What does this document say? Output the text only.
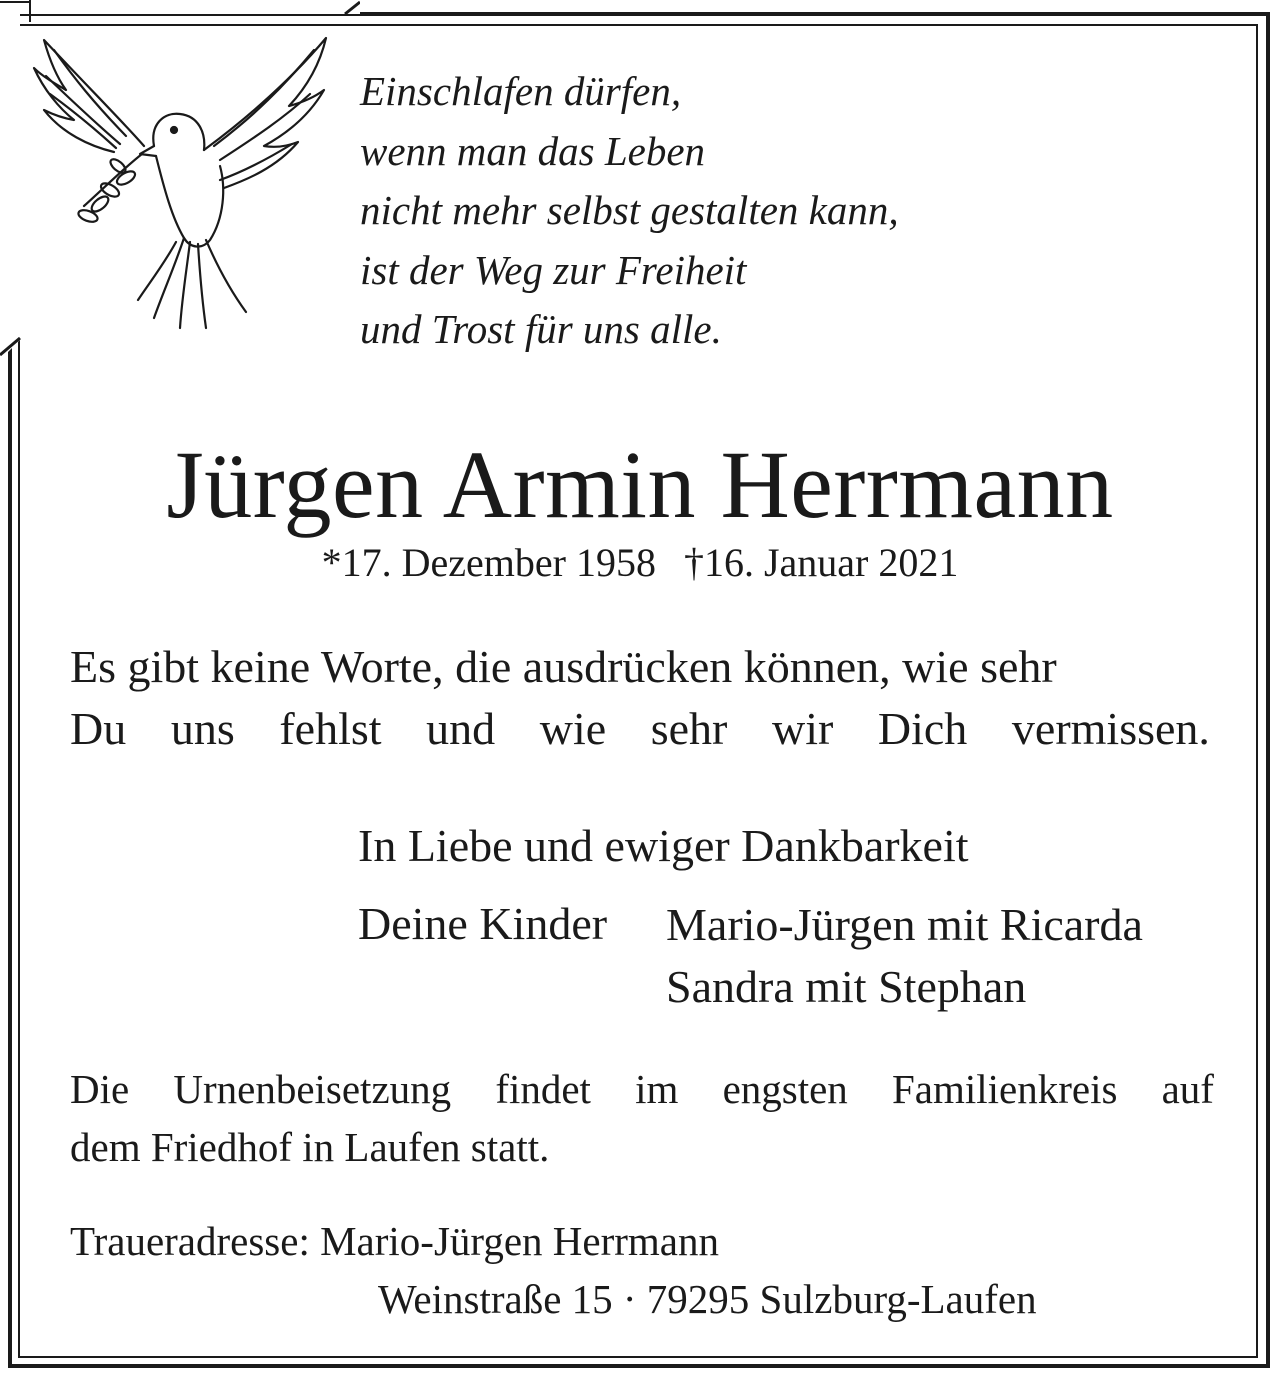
Einschlafen dürfen,
wenn man das Leben
nicht mehr selbst gestalten kann,
ist der Weg zur Freiheit
und Trost für uns alle.
Jürgen Armin Herrmann
*17. Dezember 1958 †16. Januar 2021
Es gibt keine Worte, die ausdrücken können, wie sehr
Du uns fehlst und wie sehr wir Dich vermissen.
In Liebe und ewiger Dankbarkeit
Deine Kinder Mario-Jürgen mit Ricarda
Sandra mit Stephan
Die Urnenbeisetzung findet im engsten Familienkreis auf
dem Friedhof in Laufen statt.
Traueradresse: Mario-Jürgen Herrmann
Weinstraße 15 · 79295 Sulzburg-Laufen
